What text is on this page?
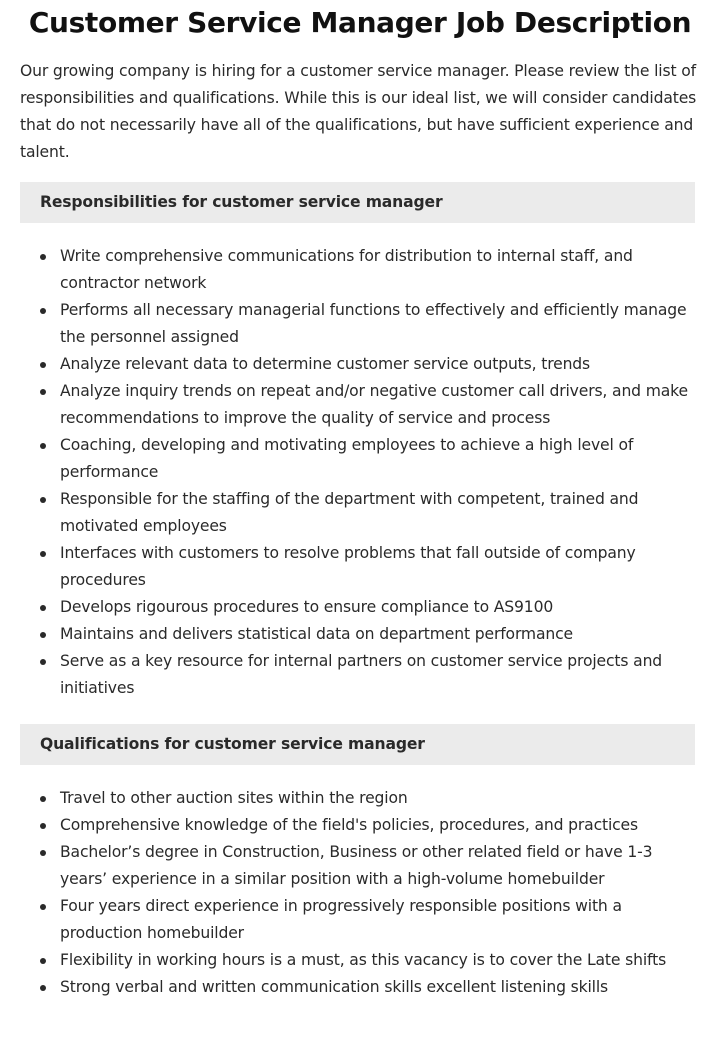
Customer Service Manager Job Description

Our growing company is hiring for a customer service manager. Please review the list of responsibilities and qualifications. While this is our ideal list, we will consider candidates that do not necessarily have all of the qualifications, but have sufficient experience and talent.

Responsibilities for customer service manager
Write comprehensive communications for distribution to internal staff, and contractor network
Performs all necessary managerial functions to effectively and efficiently manage the personnel assigned
Analyze relevant data to determine customer service outputs, trends
Analyze inquiry trends on repeat and/or negative customer call drivers, and make recommendations to improve the quality of service and process
Coaching, developing and motivating employees to achieve a high level of performance
Responsible for the staffing of the department with competent, trained and motivated employees
Interfaces with customers to resolve problems that fall outside of company procedures
Develops rigourous procedures to ensure compliance to AS9100
Maintains and delivers statistical data on department performance
Serve as a key resource for internal partners on customer service projects and initiatives
Qualifications for customer service manager
Travel to other auction sites within the region
Comprehensive knowledge of the field's policies, procedures, and practices
Bachelor’s degree in Construction, Business or other related field or have 1-3 years’ experience in a similar position with a high-volume homebuilder
Four years direct experience in progressively responsible positions with a production homebuilder
Flexibility in working hours is a must, as this vacancy is to cover the Late shifts
Strong verbal and written communication skills excellent listening skills
